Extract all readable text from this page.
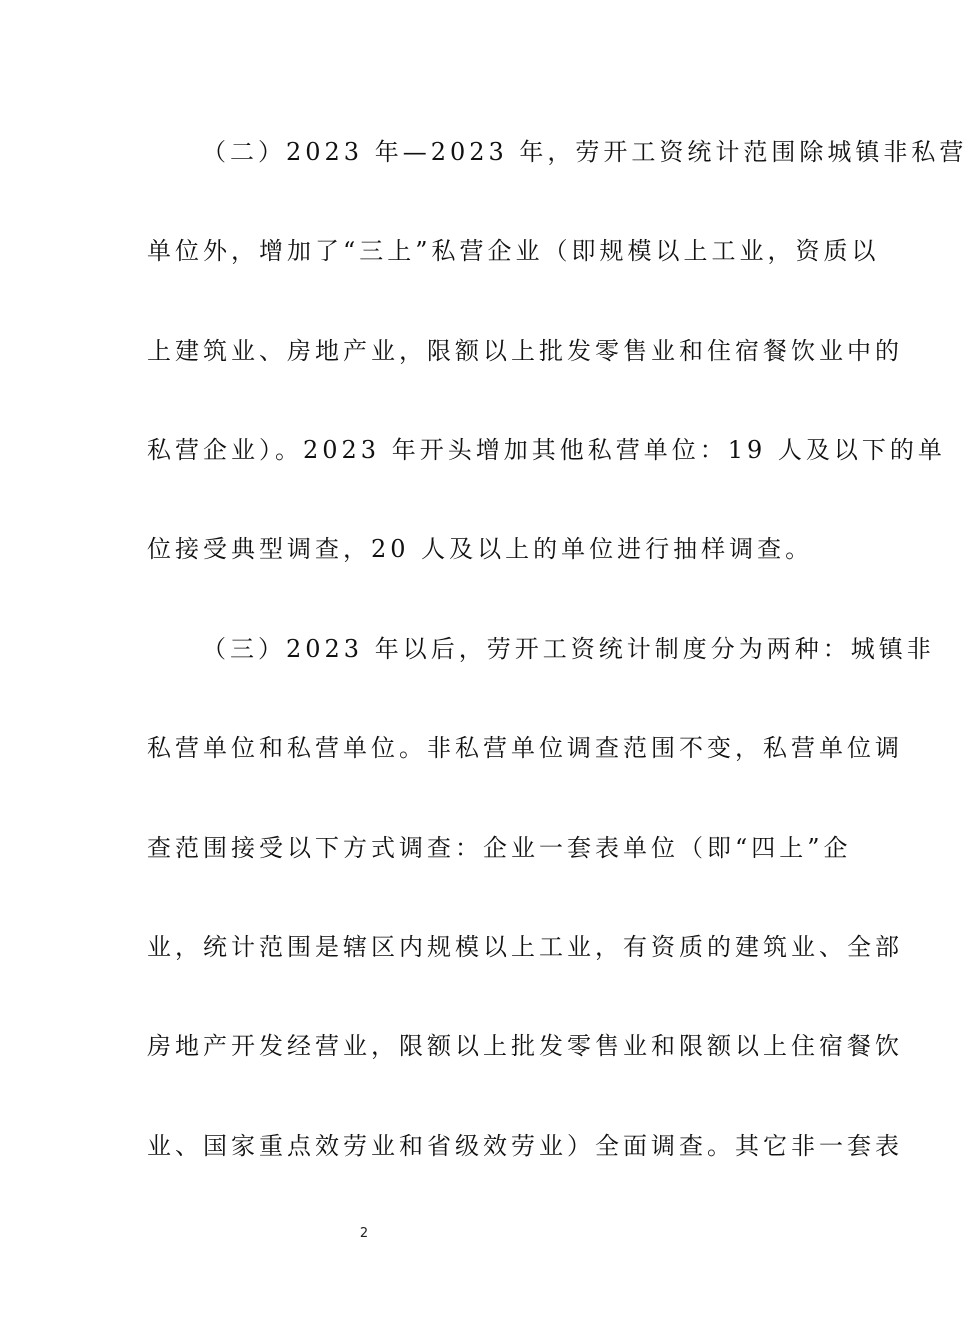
（二）2023 年—2023 年，劳开工资统计范围除城镇非私营
单位外，增加了“三上”私营企业（即规模以上工业，资质以
上建筑业、房地产业，限额以上批发零售业和住宿餐饮业中的
私营企业）。2023 年开头增加其他私营单位：19 人及以下的单
位接受典型调查，20 人及以上的单位进行抽样调查。
（三）2023 年以后，劳开工资统计制度分为两种：城镇非
私营单位和私营单位。非私营单位调查范围不变，私营单位调
查范围接受以下方式调查：企业一套表单位（即“四上”企
业，统计范围是辖区内规模以上工业，有资质的建筑业、全部
房地产开发经营业，限额以上批发零售业和限额以上住宿餐饮
业、国家重点效劳业和省级效劳业）全面调查。其它非一套表
2
